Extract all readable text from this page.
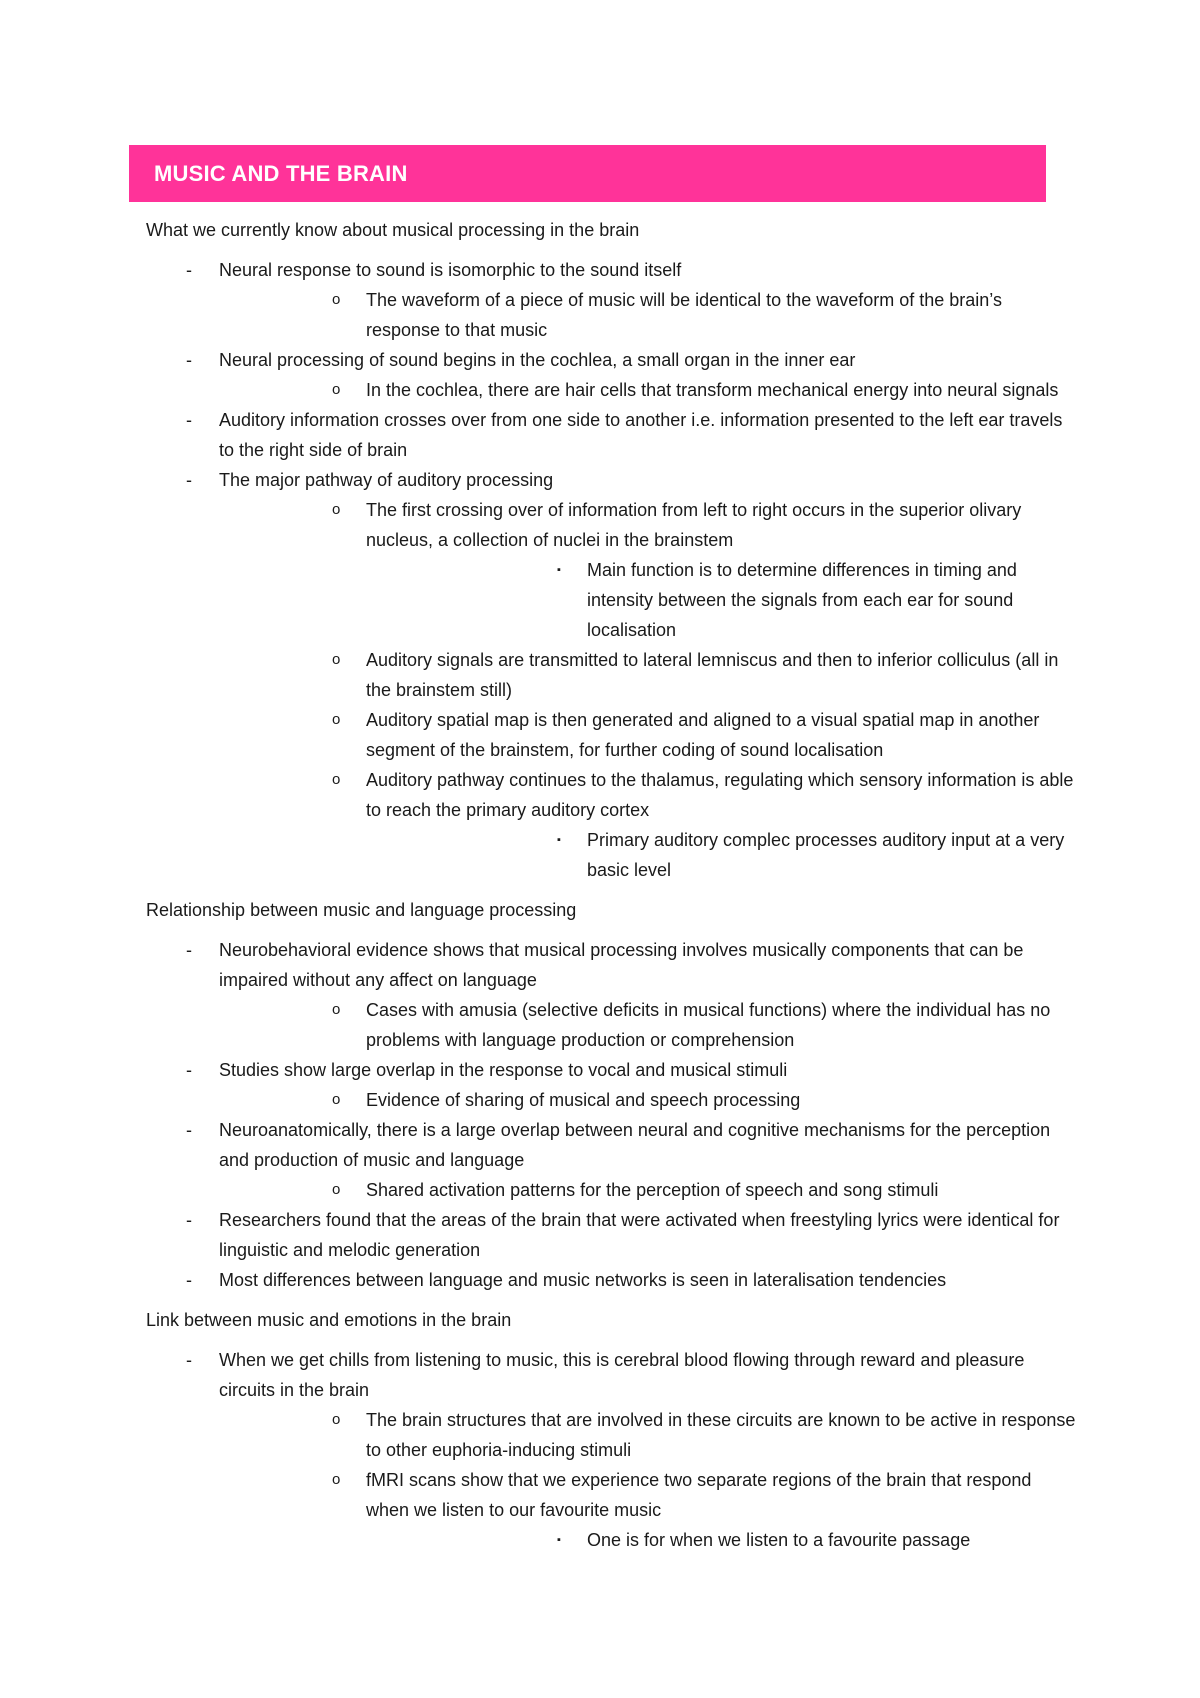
MUSIC AND THE BRAIN

What we currently know about musical processing in the brain

- Neural response to sound is isomorphic to the sound itself
o The waveform of a piece of music will be identical to the waveform of the brain’s response to that music
- Neural processing of sound begins in the cochlea, a small organ in the inner ear
o In the cochlea, there are hair cells that transform mechanical energy into neural signals
- Auditory information crosses over from one side to another i.e. information presented to the left ear travels to the right side of brain
- The major pathway of auditory processing
o The first crossing over of information from left to right occurs in the superior olivary nucleus, a collection of nuclei in the brainstem
▪ Main function is to determine differences in timing and intensity between the signals from each ear for sound localisation
o Auditory signals are transmitted to lateral lemniscus and then to inferior colliculus (all in the brainstem still)
o Auditory spatial map is then generated and aligned to a visual spatial map in another segment of the brainstem, for further coding of sound localisation
o Auditory pathway continues to the thalamus, regulating which sensory information is able to reach the primary auditory cortex
▪ Primary auditory complec processes auditory input at a very basic level

Relationship between music and language processing

- Neurobehavioral evidence shows that musical processing involves musically components that can be impaired without any affect on language
o Cases with amusia (selective deficits in musical functions) where the individual has no problems with language production or comprehension
- Studies show large overlap in the response to vocal and musical stimuli
o Evidence of sharing of musical and speech processing
- Neuroanatomically, there is a large overlap between neural and cognitive mechanisms for the perception and production of music and language
o Shared activation patterns for the perception of speech and song stimuli
- Researchers found that the areas of the brain that were activated when freestyling lyrics were identical for linguistic and melodic generation
- Most differences between language and music networks is seen in lateralisation tendencies

Link between music and emotions in the brain

- When we get chills from listening to music, this is cerebral blood flowing through reward and pleasure circuits in the brain
o The brain structures that are involved in these circuits are known to be active in response to other euphoria-inducing stimuli
o fMRI scans show that we experience two separate regions of the brain that respond when we listen to our favourite music
▪ One is for when we listen to a favourite passage
